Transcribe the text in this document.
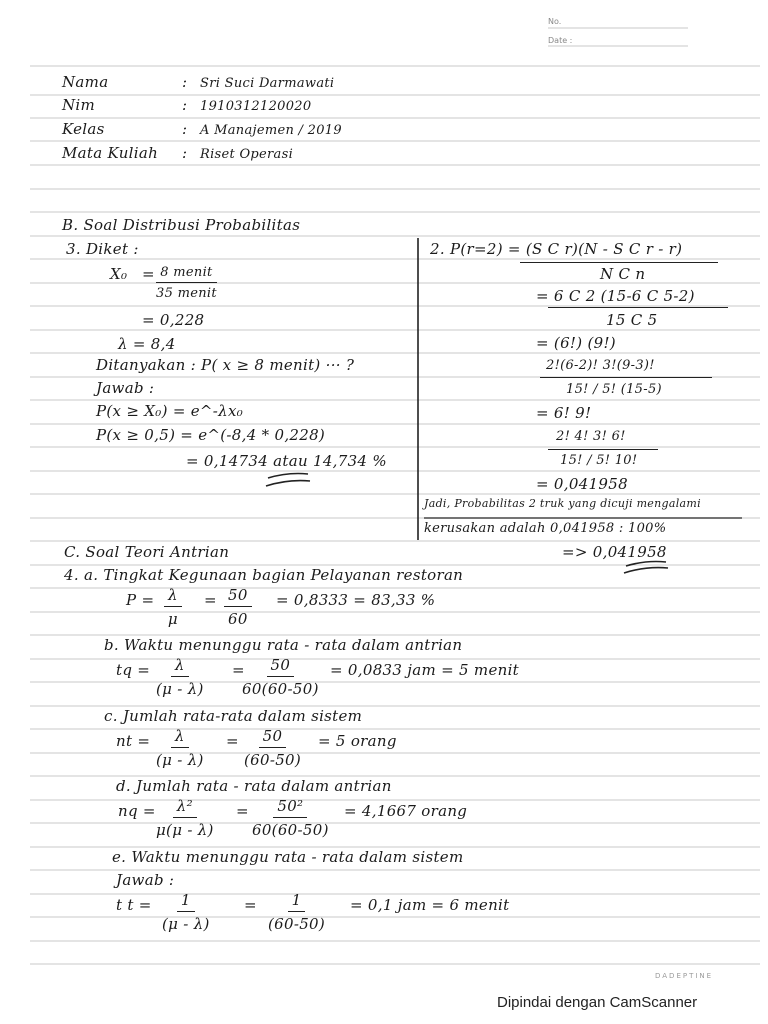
No.
Date :
Nama	: Sri Suci Darmawati
Nim	: 1910312120020
Kelas	: A Manajemen / 2019
Mata Kuliah : Riset Operasi
B. Soal Distribusi Probabilitas
3. Diket :
X₀ = 8 menit
35 menit
= 0,228
λ = 8,4
Ditanyakan : P( x ≥ 8 menit) ··· ?
Jawab :
P(x ≥ X₀) = e^-λx₀
P(x ≥ 0,5) = e^(-8,4 * 0,228)
= 0,14734 atau 14,734 %
2. P(r=2) = (S C r)(N - S C r - r)
N C n
= 6 C 2 (15-6 C 5-2)
15 C 5
= (6!) (9!)
2!(6-2)! 3!(9-3)!
15! / 5! (15-5)
= 6! 9!
2! 4! 3! 6!
15! / 5! 10!
= 0,041958
Jadi, Probabilitas 2 truk yang dicuji mengalami
kerusakan adalah 0,041958 : 100%
=> 0,041958
C. Soal Teori Antrian
4. a. Tingkat Kegunaan bagian Pelayanan restoran
$P = \frac{\lambda}{\mu} = \frac{50}{60} = 0,8333 = 83,33$ %
b. Waktu menunggu rata - rata dalam antrian
tq = $\frac{\lambda}{(\mu - \lambda)}$ =
$\frac{50}{60(60-50)} = 0,0833$ jam = 5 menit
c. Jumlah rata-rata dalam sistem
nt = $\frac{\lambda}{(\mu - \lambda)} = \frac{50}{(60-50)} = 5$ orang
d. Jumlah rata - rata dalam antrian
nq = $\frac{\text{λ²}}{\mu(\mu - \lambda)} = \frac{\text{50²}}{60(60-50)} = 4,1667$ orang
e. Waktu menunggu rata - rata dalam sistem
Jawab :
t $t = \frac{1}{(\mu - \lambda)} = \frac{1}{(60-50)} = 0,1$ jam = 6 menit
DADEPTINE
Dipindai dengan CamScanner
